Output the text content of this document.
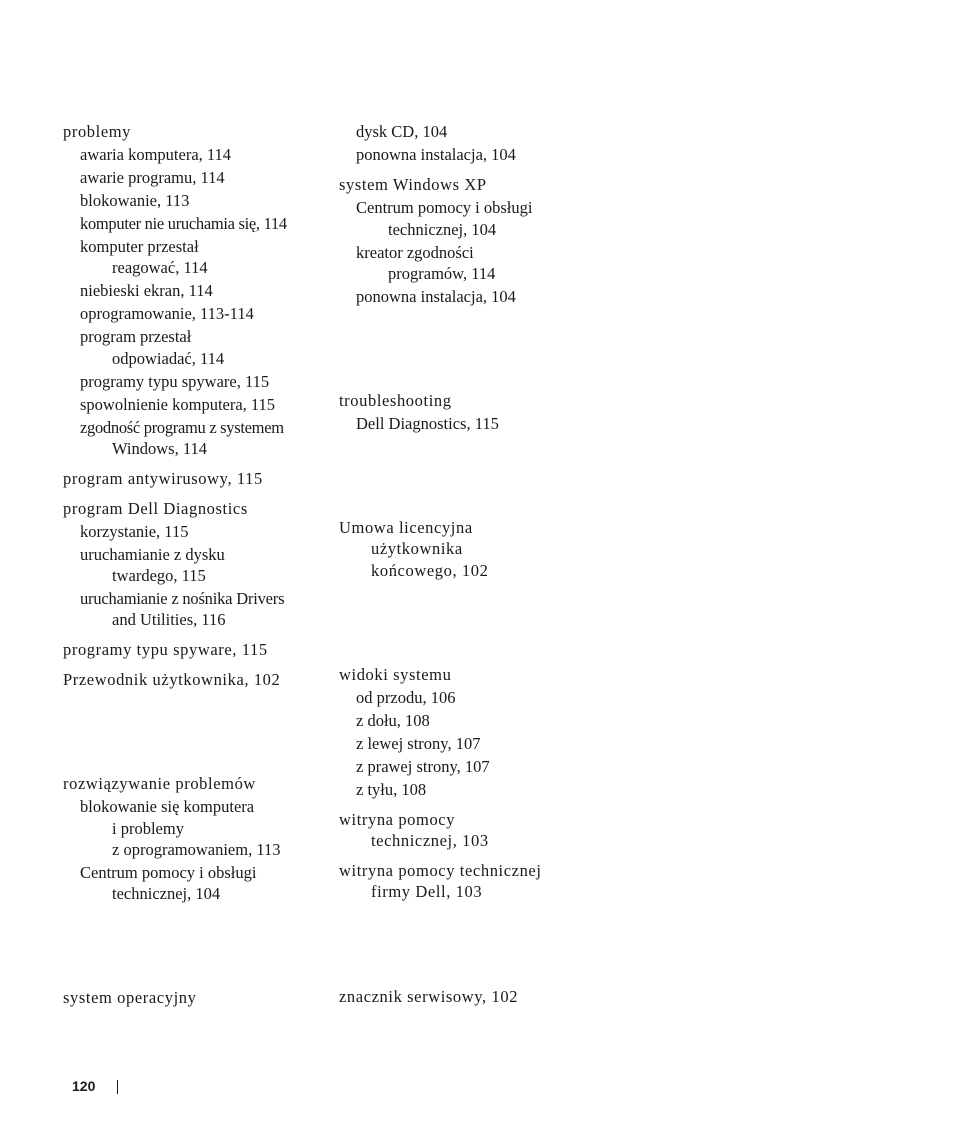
problemy
awaria komputera, 114
awarie programu, 114
blokowanie, 113
komputer nie uruchamia się, 114
komputer przestał
reagować, 114
niebieski ekran, 114
oprogramowanie, 113-114
program przestał
odpowiadać, 114
programy typu spyware, 115
spowolnienie komputera, 115
zgodność programu z systemem
Windows, 114
program antywirusowy, 115
program Dell Diagnostics
korzystanie, 115
uruchamianie z dysku
twardego, 115
uruchamianie z nośnika Drivers
and Utilities, 116
programy typu spyware, 115
Przewodnik użytkownika, 102
rozwiązywanie problemów
blokowanie się komputera
i problemy
z oprogramowaniem, 113
Centrum pomocy i obsługi
technicznej, 104
system operacyjny
dysk CD, 104
ponowna instalacja, 104
system Windows XP
Centrum pomocy i obsługi
technicznej, 104
kreator zgodności
programów, 114
ponowna instalacja, 104
troubleshooting
Dell Diagnostics, 115
Umowa licencyjna
użytkownika
końcowego, 102
widoki systemu
od przodu, 106
z dołu, 108
z lewej strony, 107
z prawej strony, 107
z tyłu, 108
witryna pomocy
technicznej, 103
witryna pomocy technicznej
firmy Dell, 103
znacznik serwisowy, 102
120
